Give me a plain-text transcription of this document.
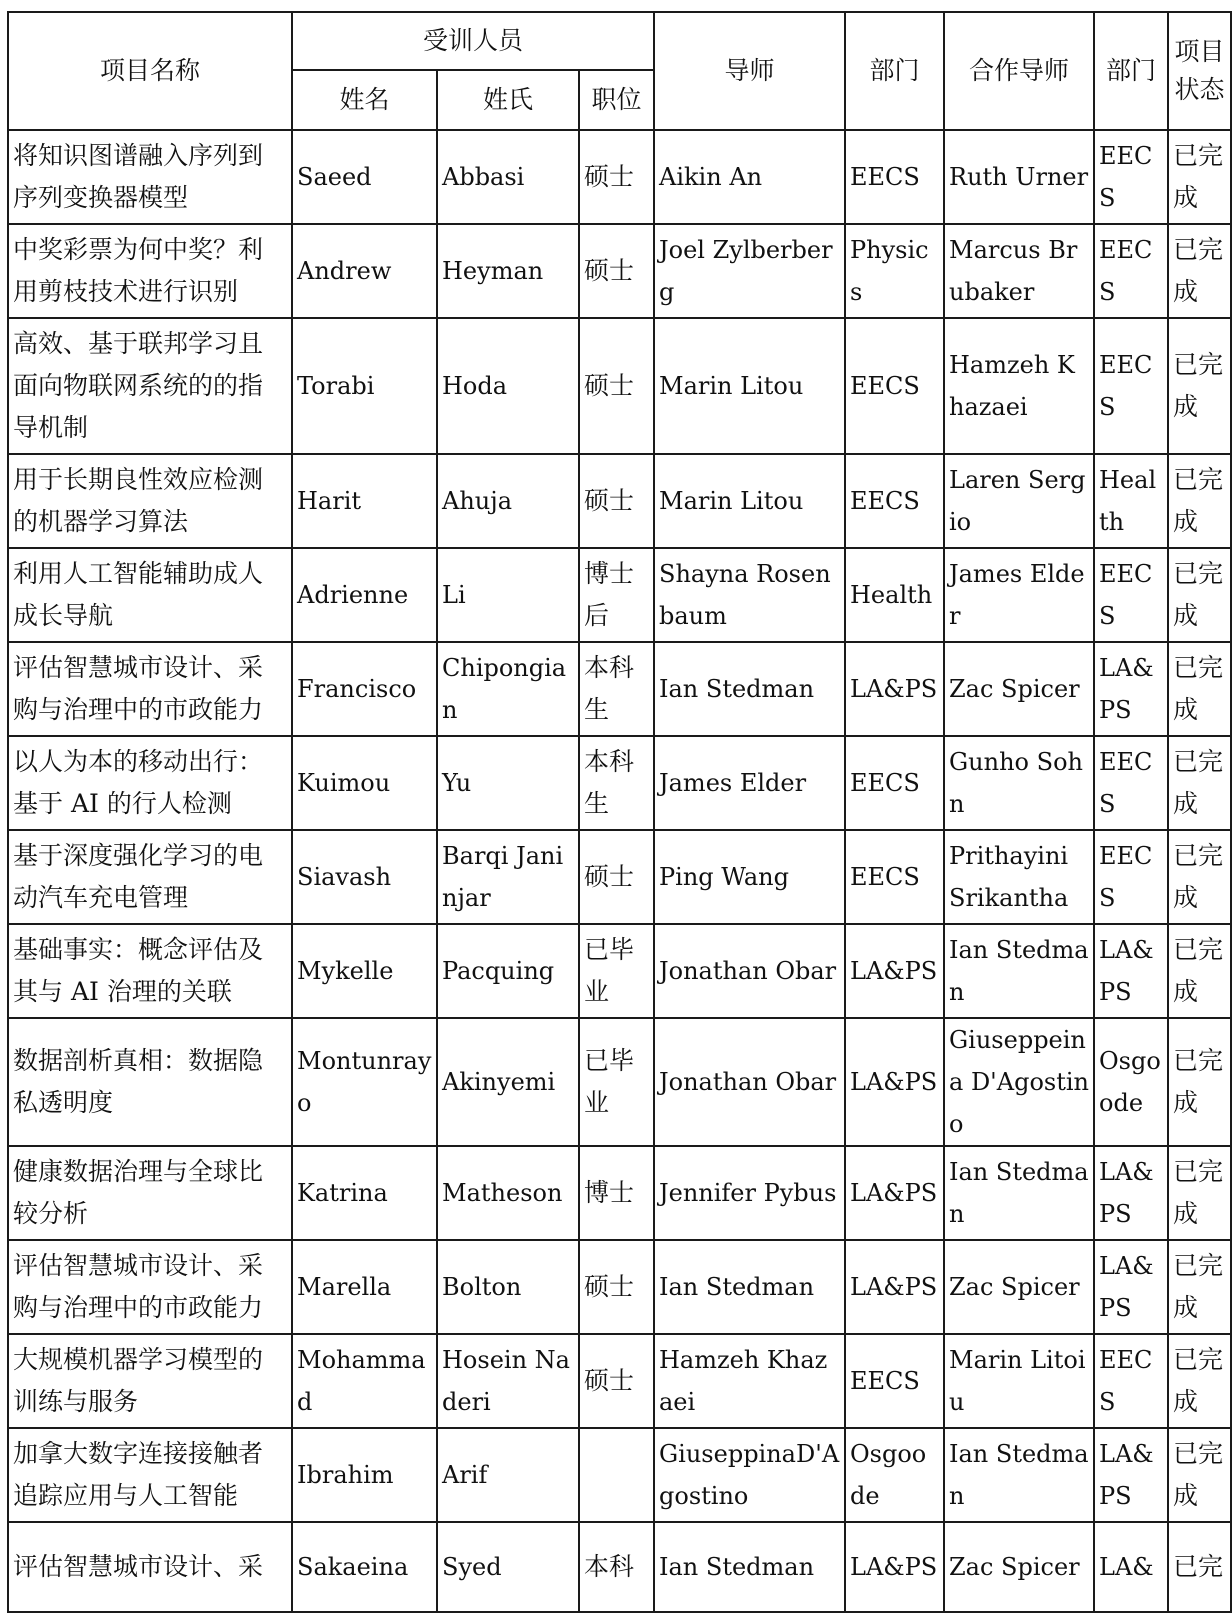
项目名称	受训人员			导师	部门	合作导师	部门	项目状态
	姓名	姓氏	职位					
将知识图谱融入序列到序列变换器模型	Saeed	Abbasi	硕士	Aikin An	EECS	Ruth Urner	EECS	已完成
中奖彩票为何中奖？利用剪枝技术进行识别	Andrew	Heyman	硕士	Joel Zylberberg	Physics	Marcus Brubaker	EECS	已完成
高效、基于联邦学习且面向物联网系统的的指导机制	Torabi	Hoda	硕士	Marin Litou	EECS	Hamzeh Khazaei	EECS	已完成
用于长期良性效应检测的机器学习算法	Harit	Ahuja	硕士	Marin Litou	EECS	Laren Sergio	Health	已完成
利用人工智能辅助成人成长导航	Adrienne	Li	博士后	Shayna Rosenbaum	Health	James Elder	EECS	已完成
评估智慧城市设计、采购与治理中的市政能力	Francisco	Chipongian	本科生	Ian Stedman	LA&PS	Zac Spicer	LA&PS	已完成
以人为本的移动出行：基于 AI 的行人检测	Kuimou	Yu	本科生	James Elder	EECS	Gunho Sohn	EECS	已完成
基于深度强化学习的电动汽车充电管理	Siavash	Barqi Janinjar	硕士	Ping Wang	EECS	Prithayini Srikantha	EECS	已完成
基础事实：概念评估及其与 AI 治理的关联	Mykelle	Pacquing	已毕业	Jonathan Obar	LA&PS	Ian Stedman	LA&PS	已完成
数据剖析真相：数据隐私透明度	Montunrayo	Akinyemi	已毕业	Jonathan Obar	LA&PS	Giuseppeina D'Agostino	Osgoode	已完成
健康数据治理与全球比较分析	Katrina	Matheson	博士	Jennifer Pybus	LA&PS	Ian Stedman	LA&PS	已完成
评估智慧城市设计、采购与治理中的市政能力	Marella	Bolton	硕士	Ian Stedman	LA&PS	Zac Spicer	LA&PS	已完成
大规模机器学习模型的训练与服务	Mohammad	Hosein Naderi	硕士	Hamzeh Khazaei	EECS	Marin Litoiu	EECS	已完成
加拿大数字连接接触者追踪应用与人工智能	Ibrahim	Arif		GiuseppinaD'Agostino	Osgoode	Ian Stedman	LA&PS	已完成
评估智慧城市设计、采	Sakaeina	Syed	本科	Ian Stedman	LA&PS	Zac Spicer	LA&	已完
